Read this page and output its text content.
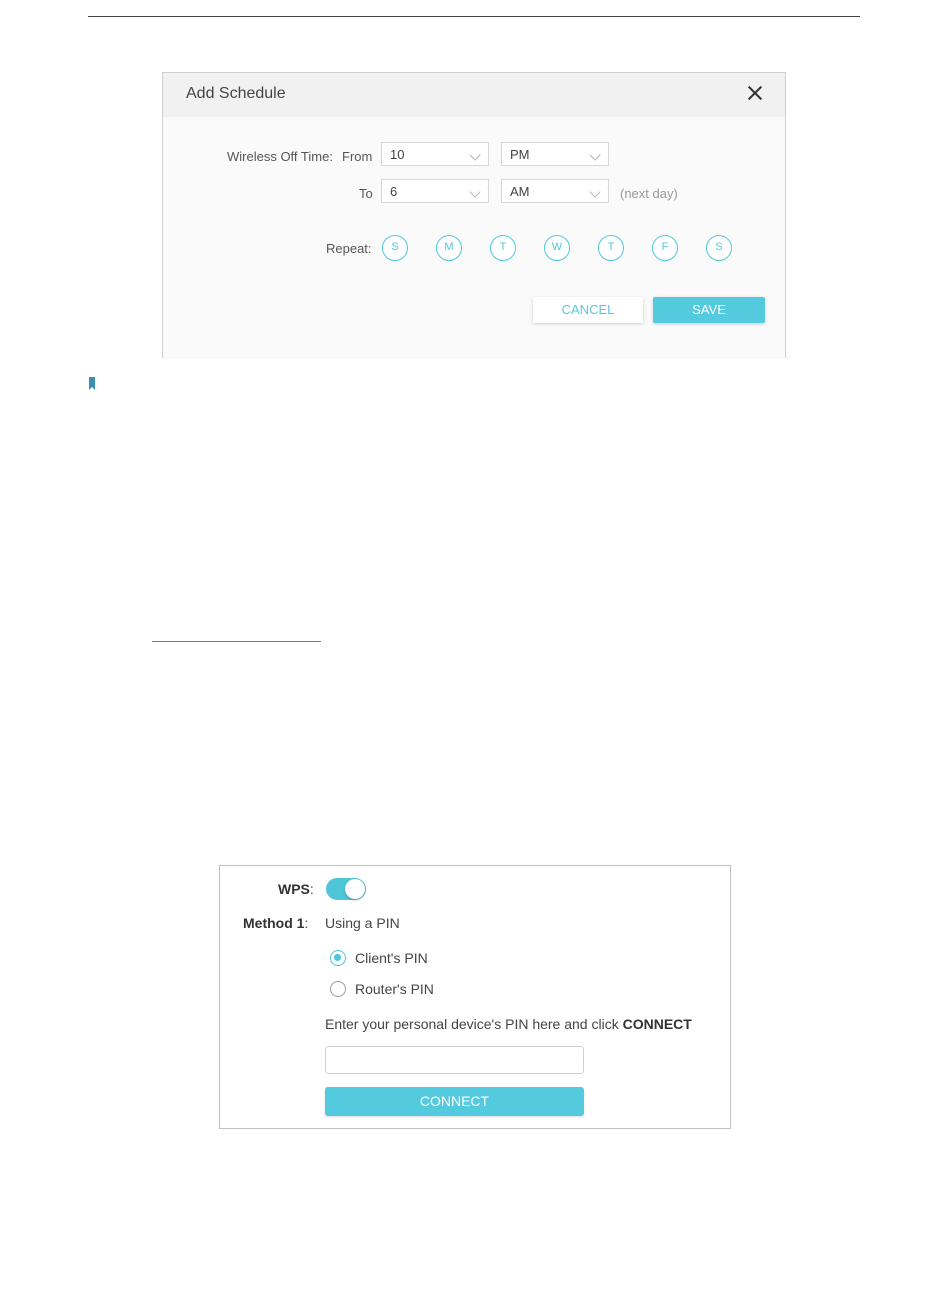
Add Schedule
Wireless Off Time: From	10	PM
To	6	AM	(next day)
Repeat:	S	M	T	W	T	F	S
CANCEL	SAVE
WPS:
Method 1: Using a PIN
Client's PIN
Router's PIN
Enter your personal device's PIN here and click CONNECT
CONNECT
